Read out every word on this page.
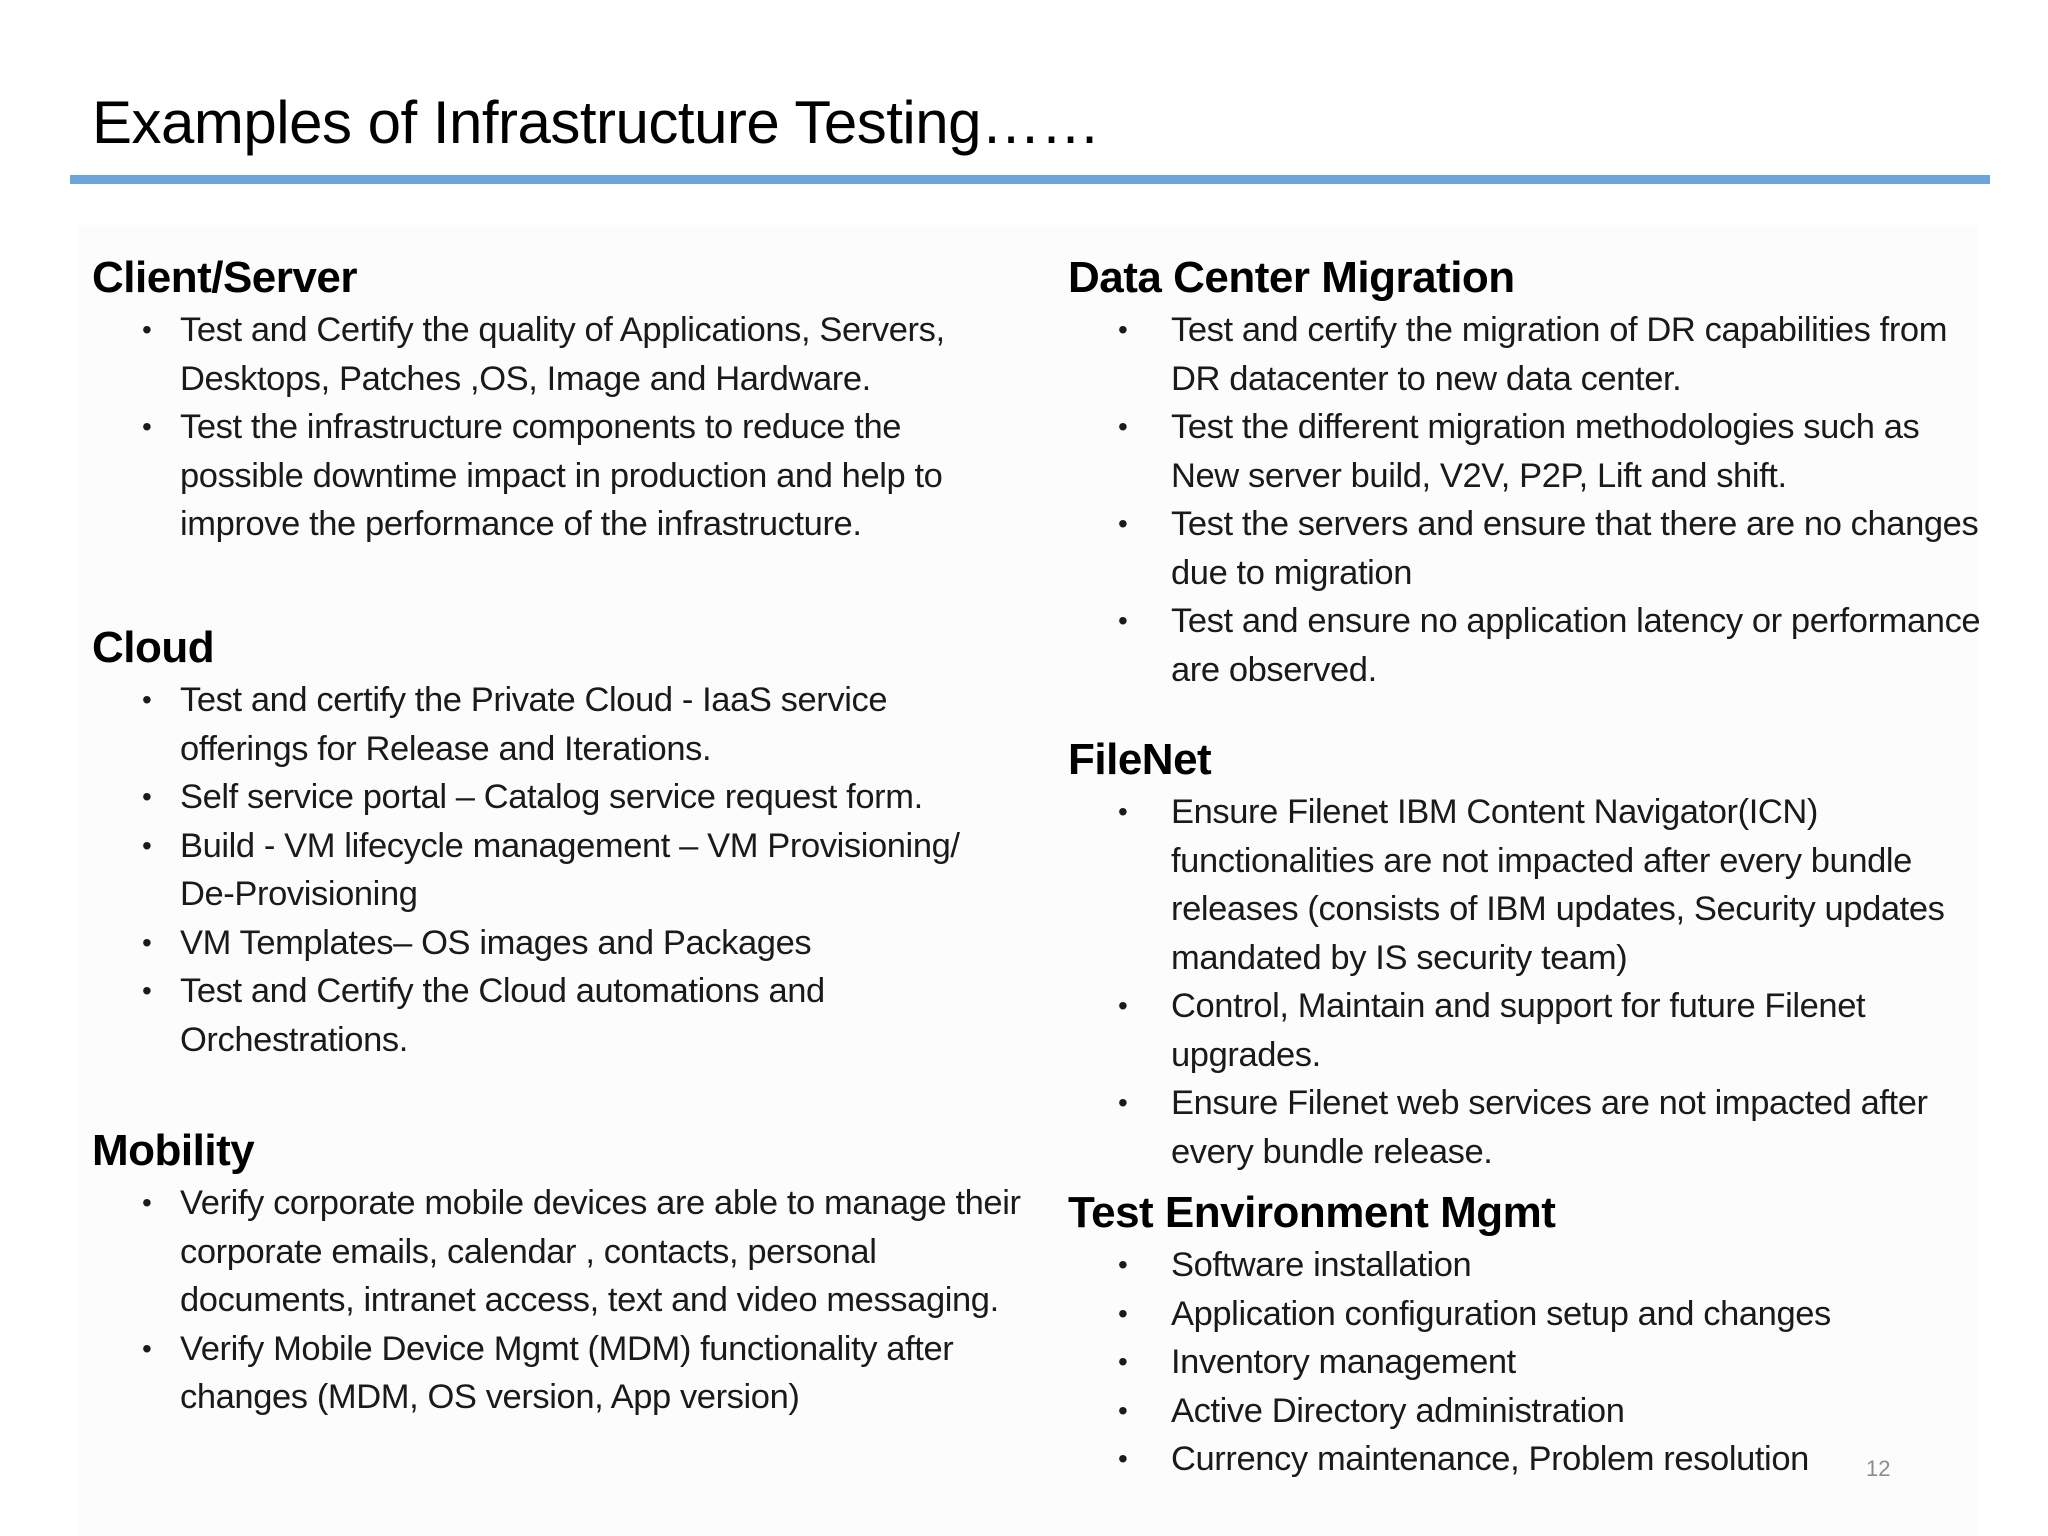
Examples of Infrastructure Testing……
Client/Server
• Test and Certify the quality of Applications, Servers, Desktops, Patches ,OS, Image and Hardware.
• Test the infrastructure components to reduce the possible downtime impact in production and help to improve the performance of the infrastructure.
Cloud
• Test and certify the Private Cloud - IaaS service offerings for Release and Iterations.
• Self service portal – Catalog service request form.
• Build - VM lifecycle management – VM Provisioning/ De-Provisioning
• VM Templates– OS images and Packages
• Test and Certify the Cloud automations and Orchestrations.
Mobility
• Verify corporate mobile devices are able to manage their corporate emails, calendar , contacts, personal documents, intranet access, text and video messaging.
• Verify Mobile Device Mgmt (MDM) functionality after changes (MDM, OS version, App version)
Data Center Migration
• Test and certify the migration of DR capabilities from DR datacenter to new data center.
• Test the different migration methodologies such as New server build, V2V, P2P, Lift and shift.
• Test the servers and ensure that there are no changes due to migration
• Test and ensure no application latency or performance are observed.
FileNet
• Ensure Filenet IBM Content Navigator(ICN) functionalities are not impacted after every bundle releases (consists of IBM updates, Security updates mandated by IS security team)
• Control, Maintain and support for future Filenet upgrades.
• Ensure Filenet web services are not impacted after every bundle release.
Test Environment Mgmt
• Software installation
• Application configuration setup and changes
• Inventory management
• Active Directory administration
• Currency maintenance, Problem resolution	12
